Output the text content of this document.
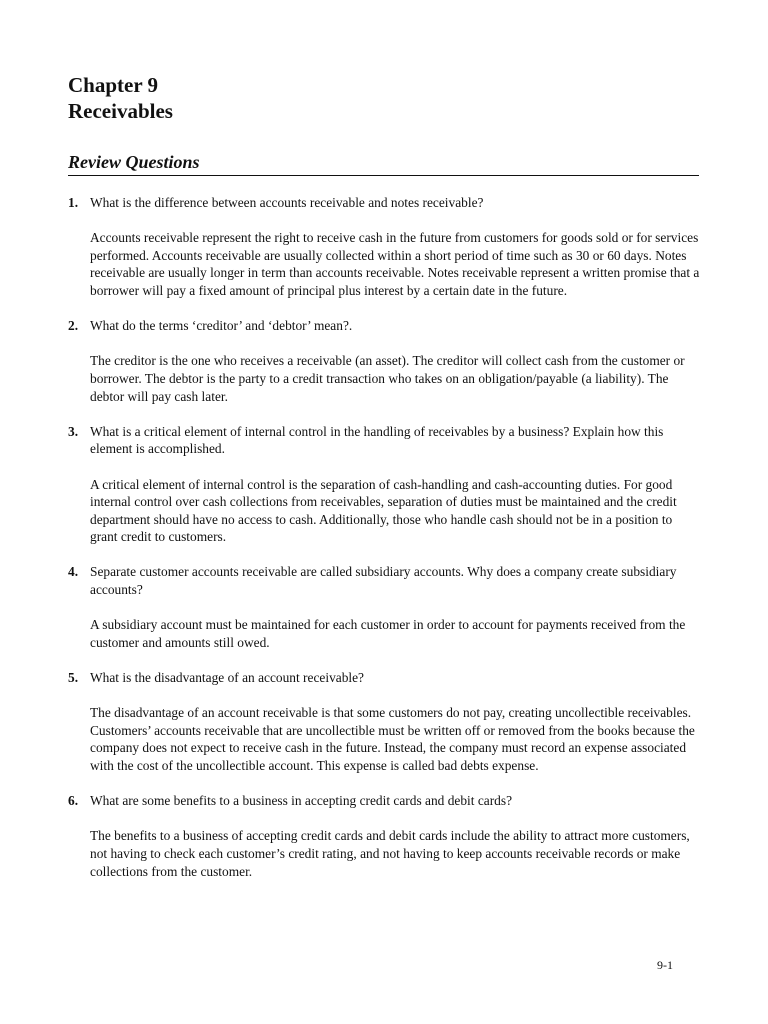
Chapter 9
Receivables
Review Questions
1. What is the difference between accounts receivable and notes receivable?
Accounts receivable represent the right to receive cash in the future from customers for goods sold or for services performed. Accounts receivable are usually collected within a short period of time such as 30 or 60 days. Notes receivable are usually longer in term than accounts receivable. Notes receivable represent a written promise that a borrower will pay a fixed amount of principal plus interest by a certain date in the future.
2. What do the terms ‘creditor’ and ‘debtor’ mean?.
The creditor is the one who receives a receivable (an asset). The creditor will collect cash from the customer or borrower. The debtor is the party to a credit transaction who takes on an obligation/payable (a liability). The debtor will pay cash later.
3. What is a critical element of internal control in the handling of receivables by a business? Explain how this element is accomplished.
A critical element of internal control is the separation of cash-handling and cash-accounting duties. For good internal control over cash collections from receivables, separation of duties must be maintained and the credit department should have no access to cash. Additionally, those who handle cash should not be in a position to grant credit to customers.
4. Separate customer accounts receivable are called subsidiary accounts. Why does a company create subsidiary accounts?
A subsidiary account must be maintained for each customer in order to account for payments received from the customer and amounts still owed.
5. What is the disadvantage of an account receivable?
The disadvantage of an account receivable is that some customers do not pay, creating uncollectible receivables. Customers’ accounts receivable that are uncollectible must be written off or removed from the books because the company does not expect to receive cash in the future. Instead, the company must record an expense associated with the cost of the uncollectible account. This expense is called bad debts expense.
6. What are some benefits to a business in accepting credit cards and debit cards?
The benefits to a business of accepting credit cards and debit cards include the ability to attract more customers, not having to check each customer’s credit rating, and not having to keep accounts receivable records or make collections from the customer.
9-1
